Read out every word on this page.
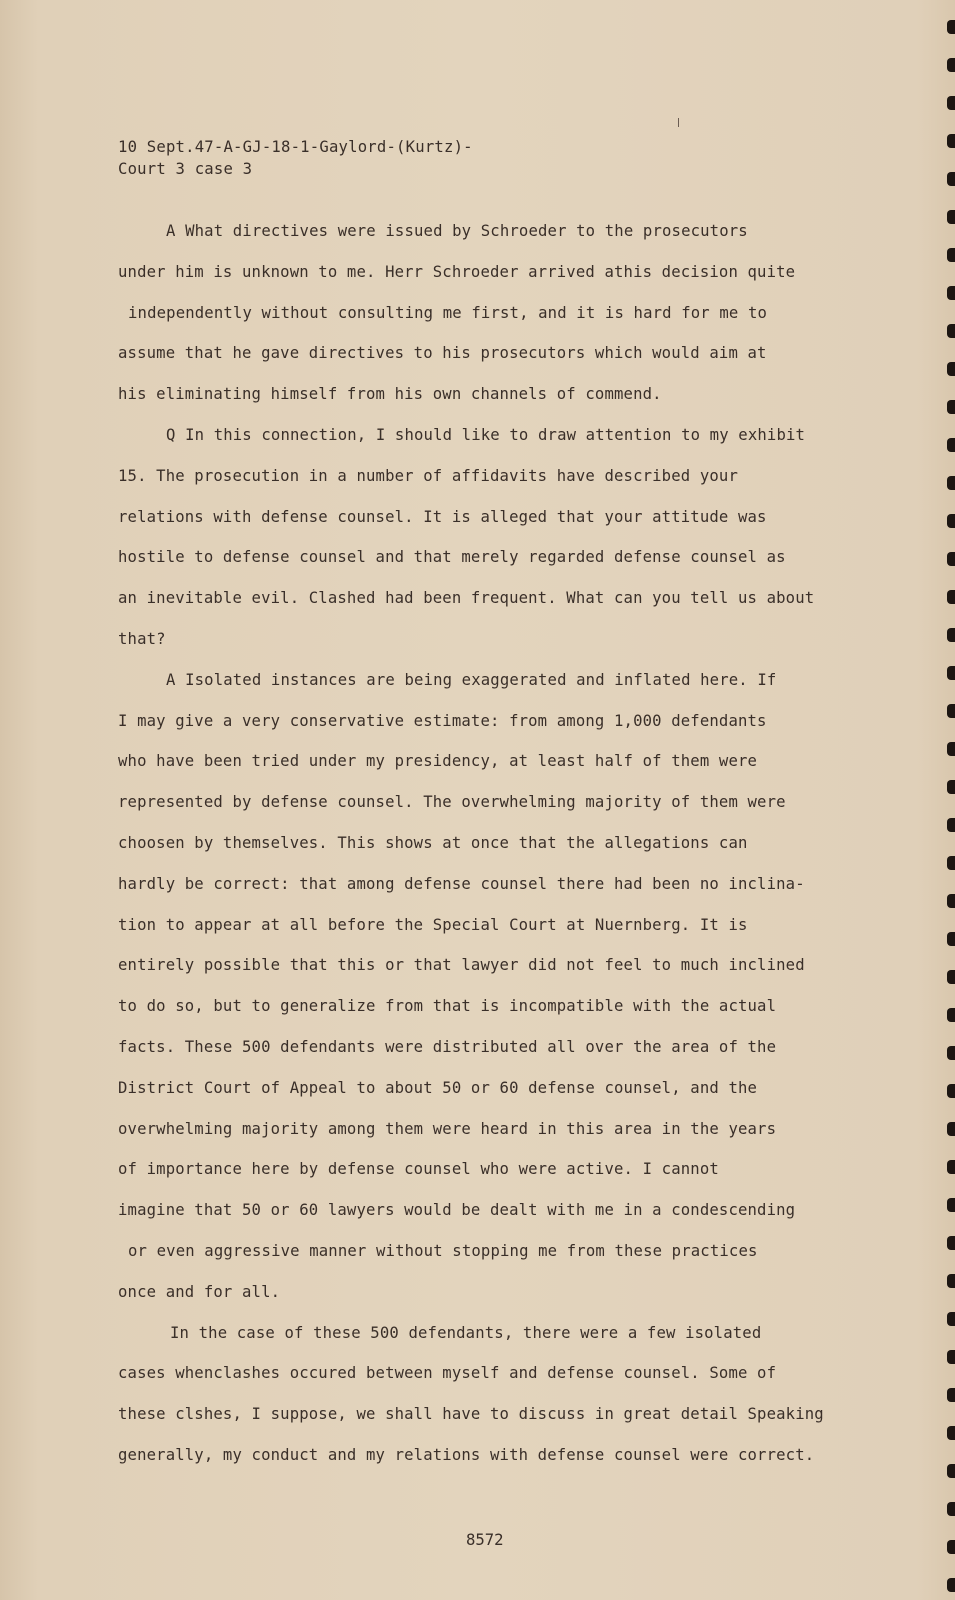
10 Sept.47-A-GJ-18-1-Gaylord-(Kurtz)-
Court 3 case 3
A What directives were issued by Schroeder to the prosecutors
under him is unknown to me. Herr Schroeder arrived athis decision quite
independently without consulting me first, and it is hard for me to
assume that he gave directives to his prosecutors which would aim at
his eliminating himself from his own channels of commend.
Q In this connection, I should like to draw attention to my exhibit
15. The prosecution in a number of affidavits have described your
relations with defense counsel. It is alleged that your attitude was
hostile to defense counsel and that merely regarded defense counsel as
an inevitable evil. Clashed had been frequent. What can you tell us about
that?
A Isolated instances are being exaggerated and inflated here. If
I may give a very conservative estimate: from among 1,000 defendants
who have been tried under my presidency, at least half of them were
represented by defense counsel. The overwhelming majority of them were
choosen by themselves. This shows at once that the allegations can
hardly be correct: that among defense counsel there had been no inclina-
tion to appear at all before the Special Court at Nuernberg. It is
entirely possible that this or that lawyer did not feel to much inclined
to do so, but to generalize from that is incompatible with the actual
facts. These 500 defendants were distributed all over the area of the
District Court of Appeal to about 50 or 60 defense counsel, and the
overwhelming majority among them were heard in this area in the years
of importance here by defense counsel who were active. I cannot
imagine that 50 or 60 lawyers would be dealt with me in a condescending
or even aggressive manner without stopping me from these practices
once and for all.
In the case of these 500 defendants, there were a few isolated
cases whenclashes occured between myself and defense counsel. Some of
these clshes, I suppose, we shall have to discuss in great detail Speaking
generally, my conduct and my relations with defense counsel were correct.
8572
